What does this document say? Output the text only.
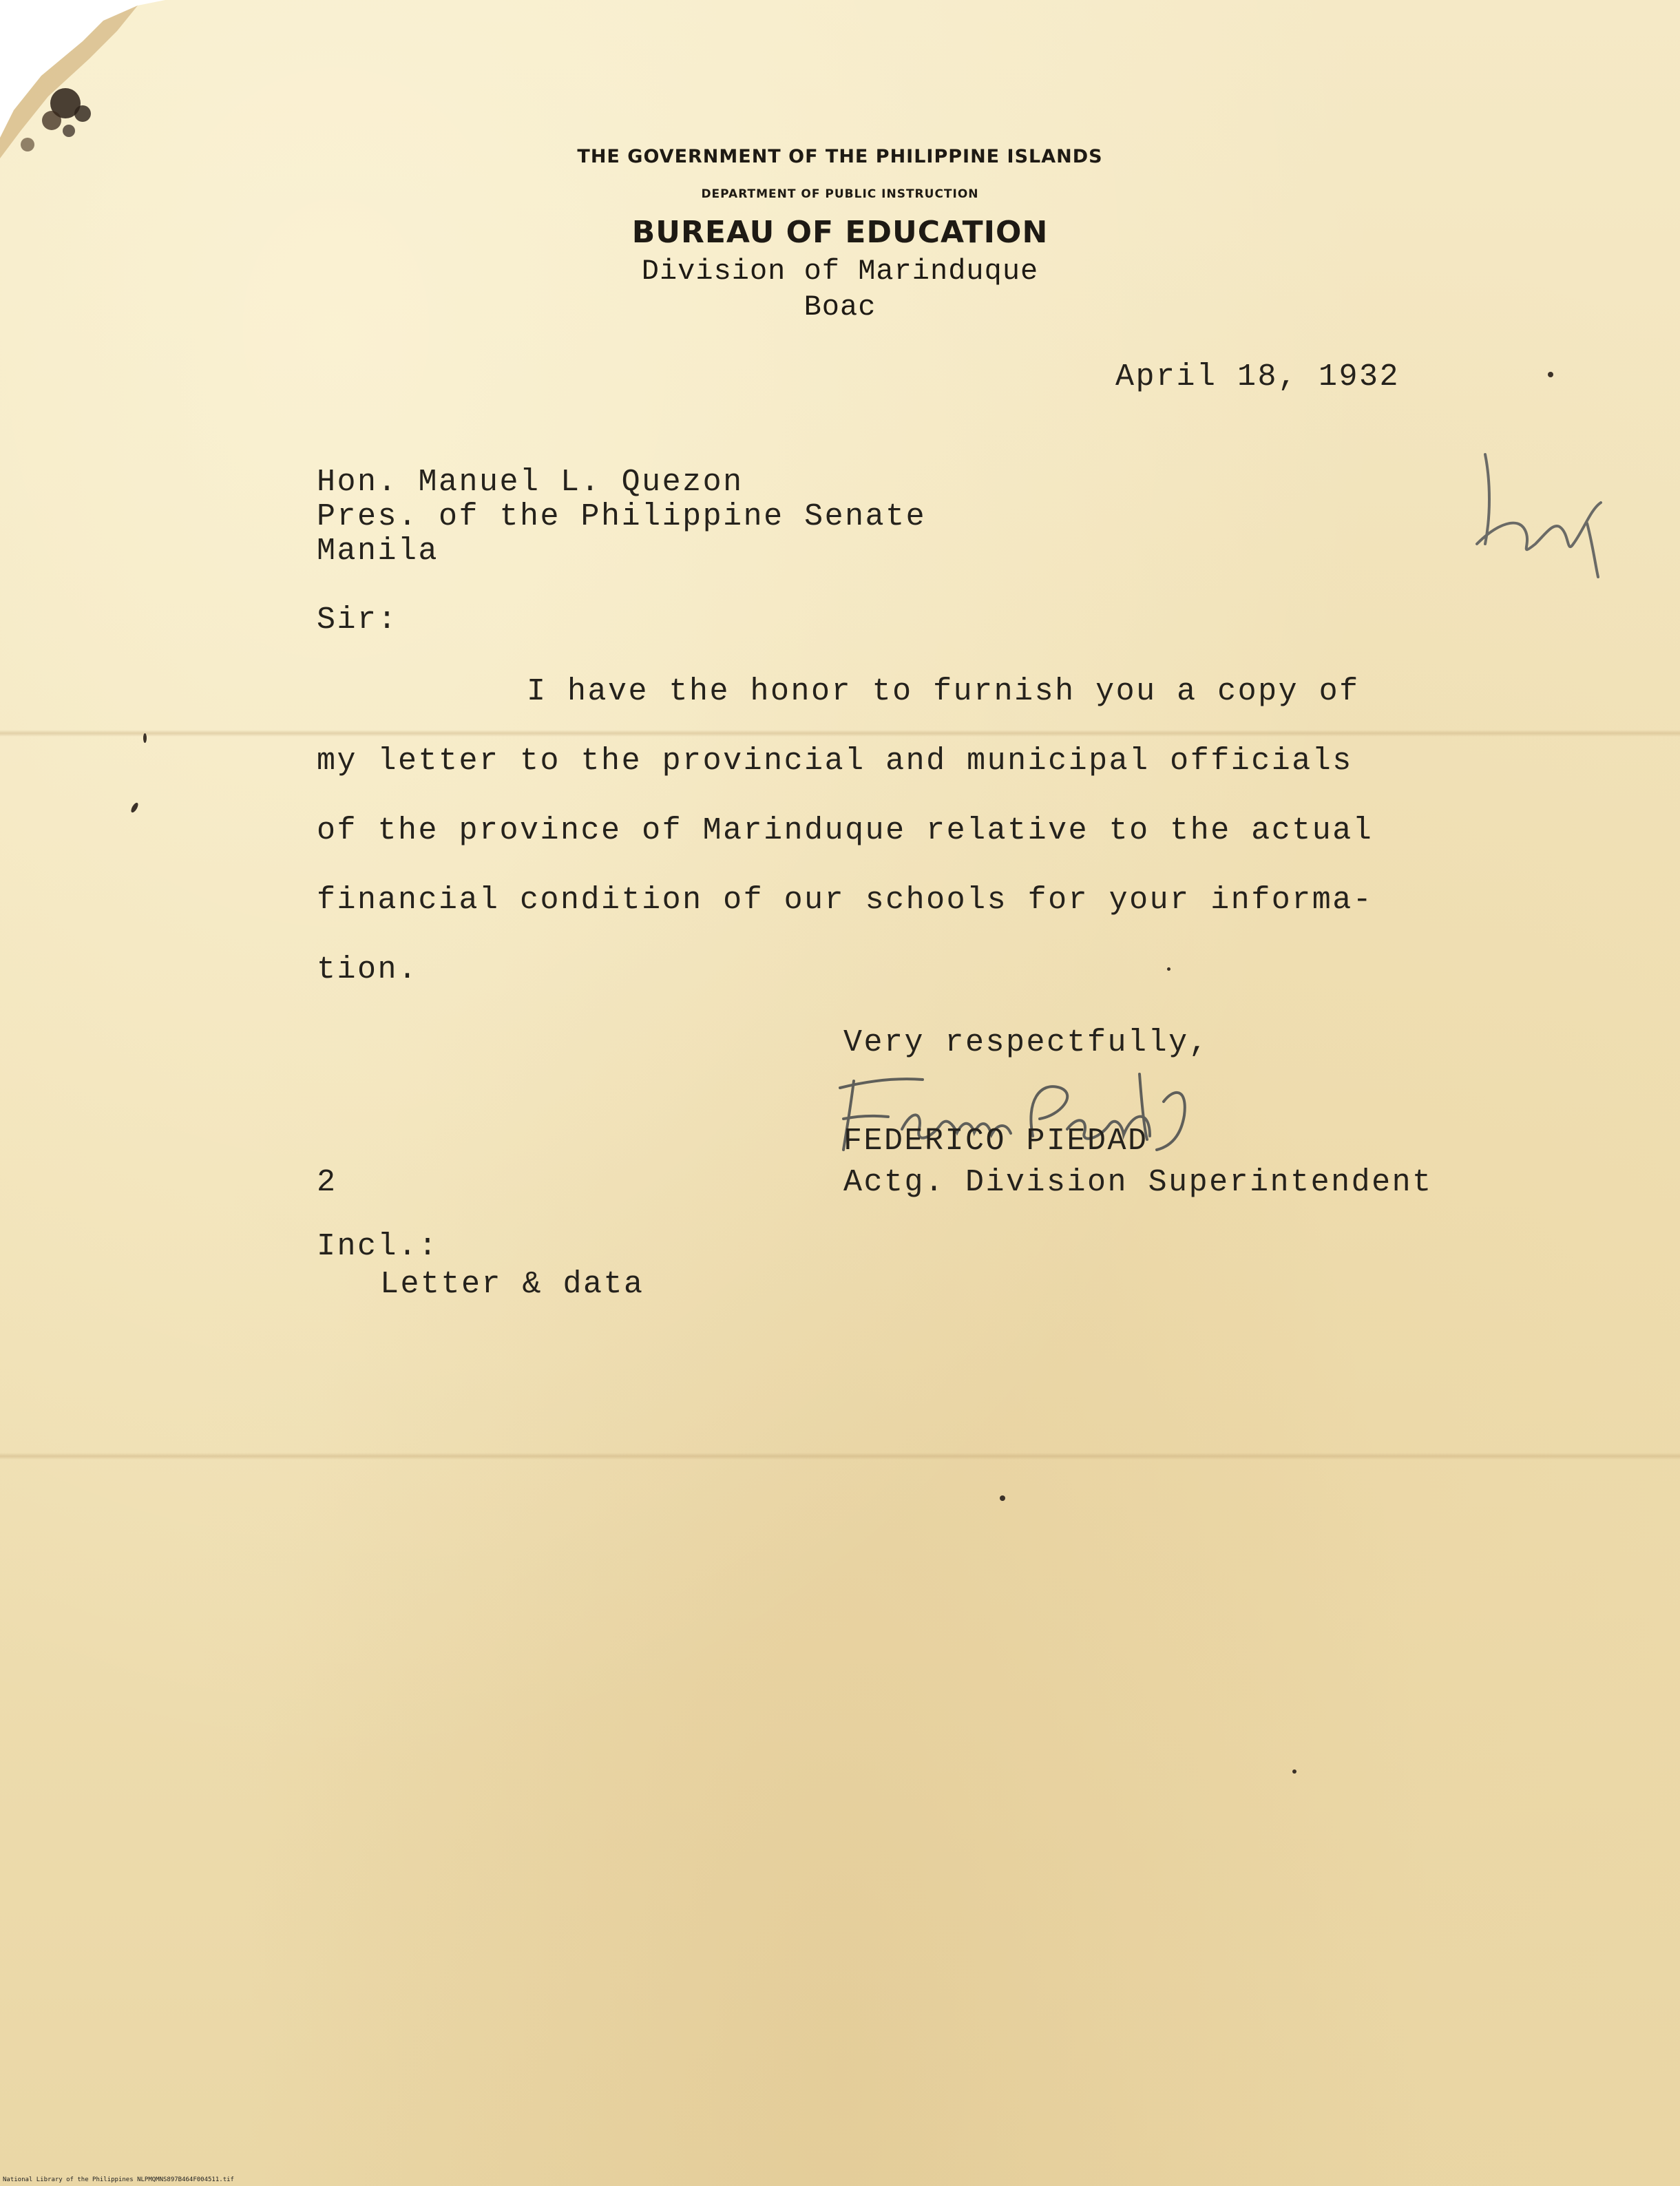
THE GOVERNMENT OF THE PHILIPPINE ISLANDS
DEPARTMENT OF PUBLIC INSTRUCTION
BUREAU OF EDUCATION
Division of Marinduque
Boac
April 18, 1932
Hon. Manuel L. Quezon
Pres. of the Philippine Senate
Manila
Sir:
I have the honor to furnish you a copy of
my letter to the provincial and municipal officials
of the province of Marinduque relative to the actual
financial condition of our schools for your informa-
tion.
Very respectfully,
FEDERICO PIEDAD
Actg. Division Superintendent
2
Incl.:
Letter & data
National Library of the Philippines NLPMQMNS897B464F004511.tif
